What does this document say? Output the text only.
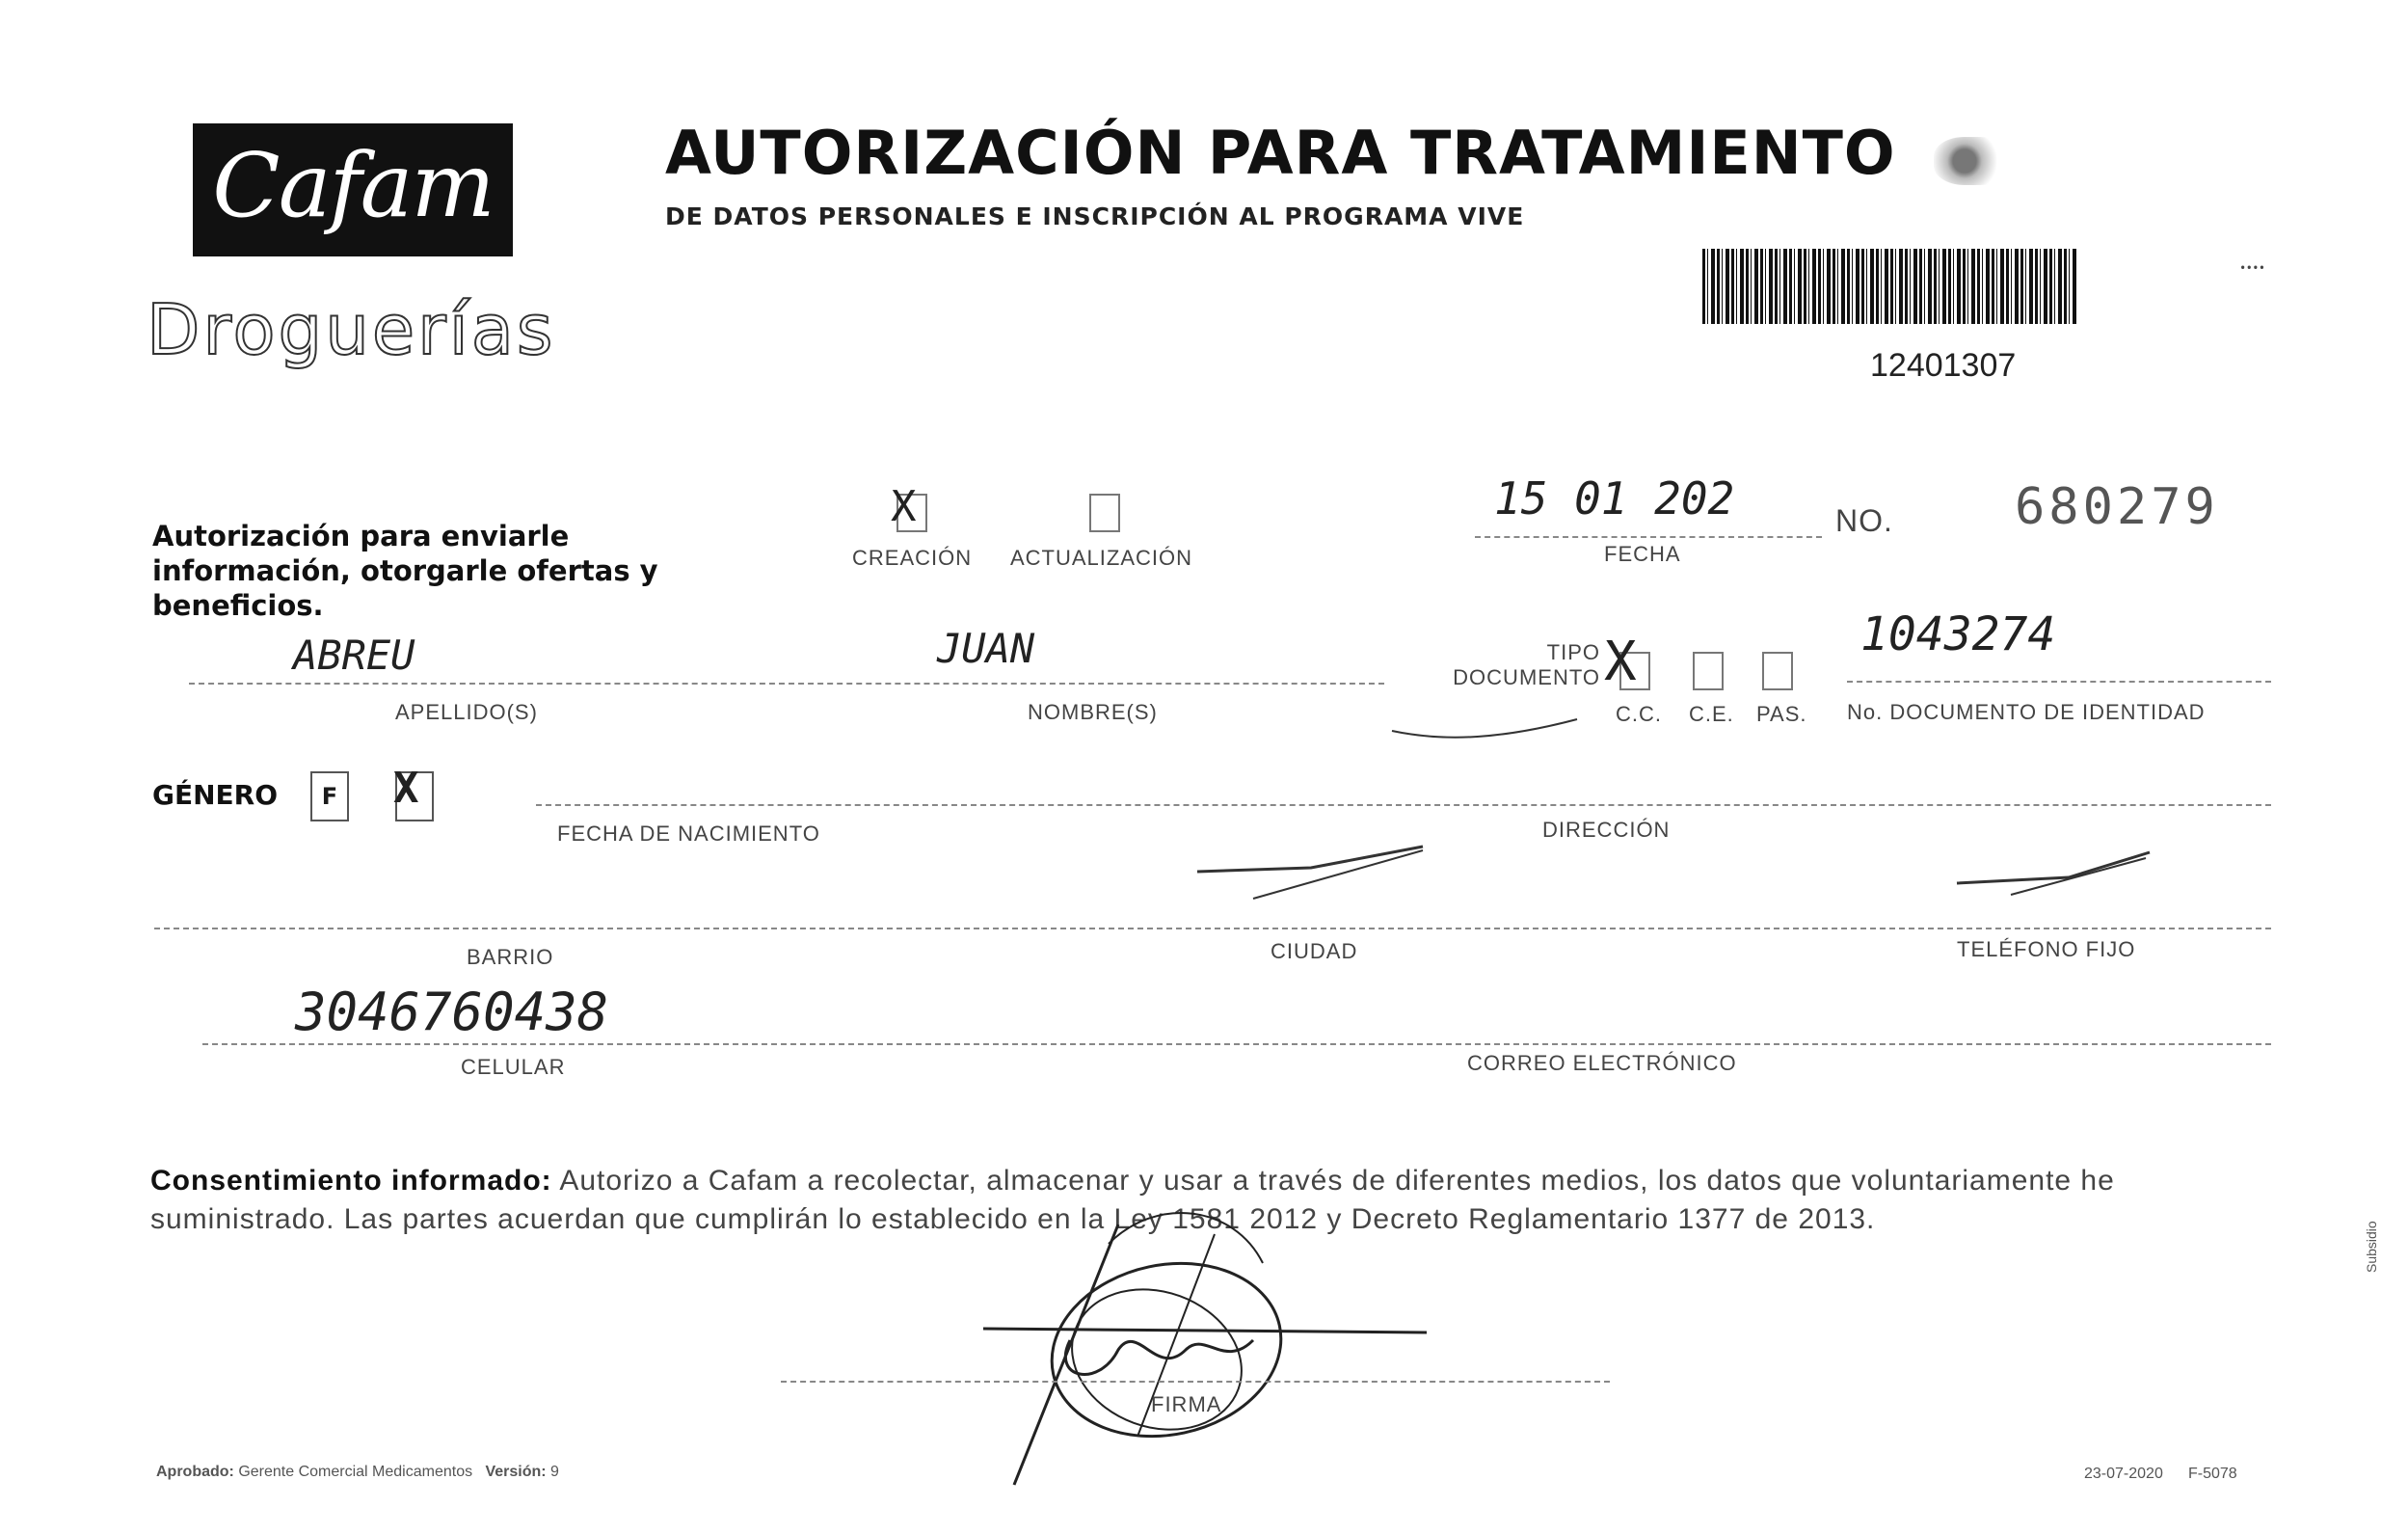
Cafam
Droguerías
AUTORIZACIÓN PARA TRATAMIENTO
DE DATOS PERSONALES E INSCRIPCIÓN AL PROGRAMA VIVE
᠁
12401307
Autorización para enviarle información, otorgarle ofertas y beneficios.
X
CREACIÓN ACTUALIZACIÓN
15 01 202
FECHA
NO. 680279
ABREU	JUAN
APELLIDO(S)	NOMBRE(S)
TIPO DOCUMENTO X
C.C. C.E. PAS.
1043274
No. DOCUMENTO DE IDENTIDAD
GÉNERO	F X
FECHA DE NACIMIENTO	DIRECCIÓN
BARRIO	CIUDAD	TELÉFONO FIJO
3046760438
CELULAR	CORREO ELECTRÓNICO
Consentimiento informado: Autorizo a Cafam a recolectar, almacenar y usar a través de diferentes medios, los datos que voluntariamente he suministrado. Las partes acuerdan que cumplirán lo establecido en la Ley 1581 2012 y Decreto Reglamentario 1377 de 2013.
FIRMA
Aprobado: Gerente Comercial Medicamentos Versión: 9	23-07-2020 F-5078
Subsidio
